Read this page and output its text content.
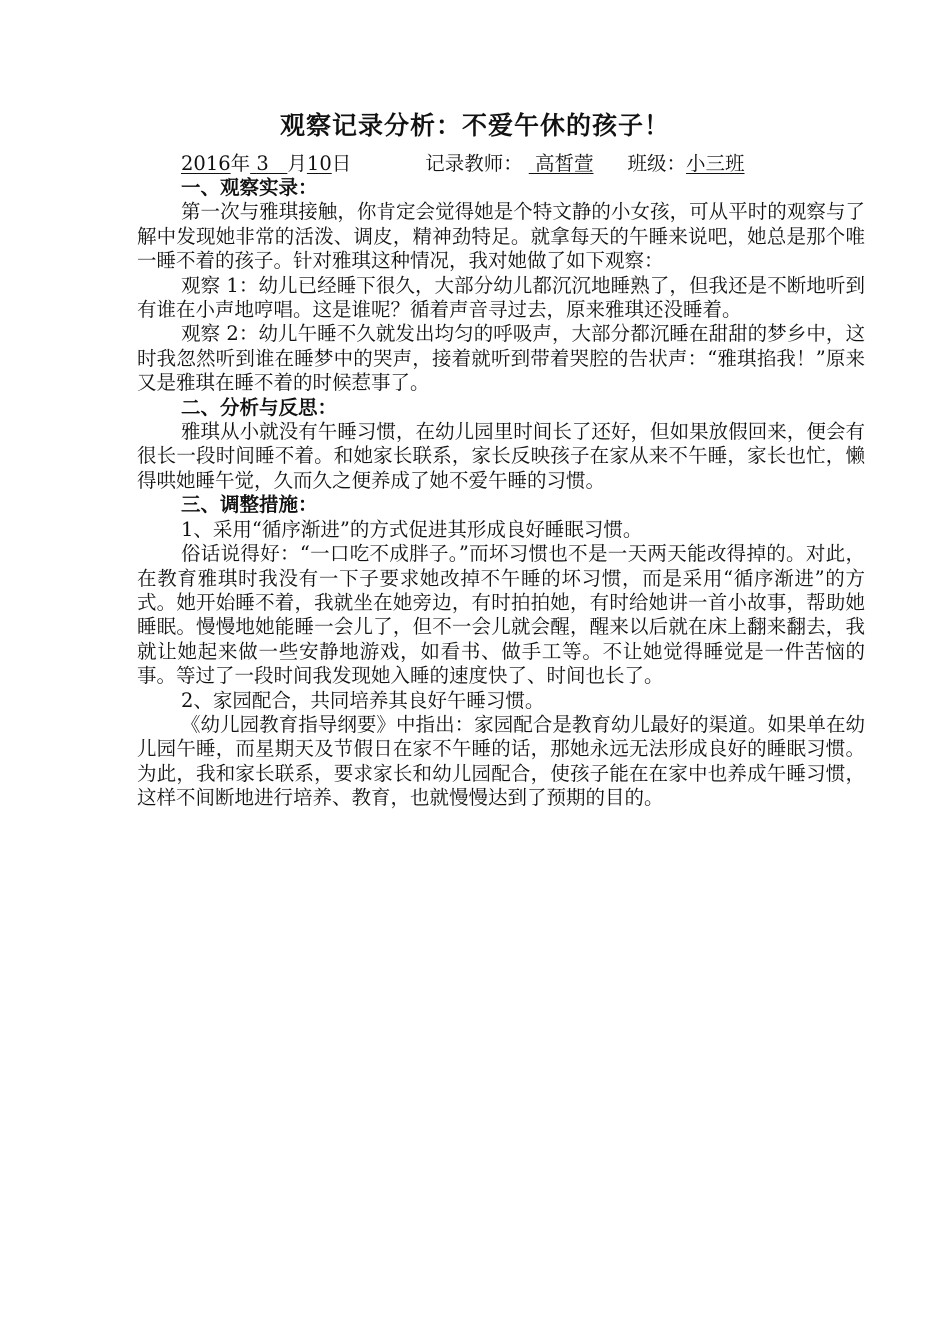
观察记录分析：不爱午休的孩子！
2016 年 3 月 10 日	记录教师： 高皙萱 班级： 小三班
一、观察实录：

第一次与雅琪接触，你肯定会觉得她是个特文静的小女孩，可从平时的观察与了解中发现她非常的活泼、调皮，精神劲特足。就拿每天的午睡来说吧，她总是那个唯一睡不着的孩子。针对雅琪这种情况，我对她做了如下观察：

观察 1：幼儿已经睡下很久，大部分幼儿都沉沉地睡熟了，但我还是不断地听到有谁在小声地哼唱。这是谁呢？循着声音寻过去，原来雅琪还没睡着。

观察 2：幼儿午睡不久就发出均匀的呼吸声，大部分都沉睡在甜甜的梦乡中，这时我忽然听到谁在睡梦中的哭声，接着就听到带着哭腔的告状声：“雅琪掐我！”原来又是雅琪在睡不着的时候惹事了。

二、分析与反思：

雅琪从小就没有午睡习惯，在幼儿园里时间长了还好，但如果放假回来，便会有很长一段时间睡不着。和她家长联系，家长反映孩子在家从来不午睡，家长也忙，懒得哄她睡午觉，久而久之便养成了她不爱午睡的习惯。

三、调整措施：

1、采用“循序渐进”的方式促进其形成良好睡眠习惯。

俗话说得好：“一口吃不成胖子。”而坏习惯也不是一天两天能改得掉的。对此，在教育雅琪时我没有一下子要求她改掉不午睡的坏习惯，而是采用“循序渐进”的方式。她开始睡不着，我就坐在她旁边，有时拍拍她，有时给她讲一首小故事，帮助她睡眠。慢慢地她能睡一会儿了，但不一会儿就会醒，醒来以后就在床上翻来翻去，我就让她起来做一些安静地游戏，如看书、做手工等。不让她觉得睡觉是一件苦恼的事。等过了一段时间我发现她入睡的速度快了、时间也长了。

2、家园配合，共同培养其良好午睡习惯。

《幼儿园教育指导纲要》中指出：家园配合是教育幼儿最好的渠道。如果单在幼儿园午睡，而星期天及节假日在家不午睡的话，那她永远无法形成良好的睡眠习惯。为此，我和家长联系，要求家长和幼儿园配合，使孩子能在在家中也养成午睡习惯，这样不间断地进行培养、教育，也就慢慢达到了预期的目的。
